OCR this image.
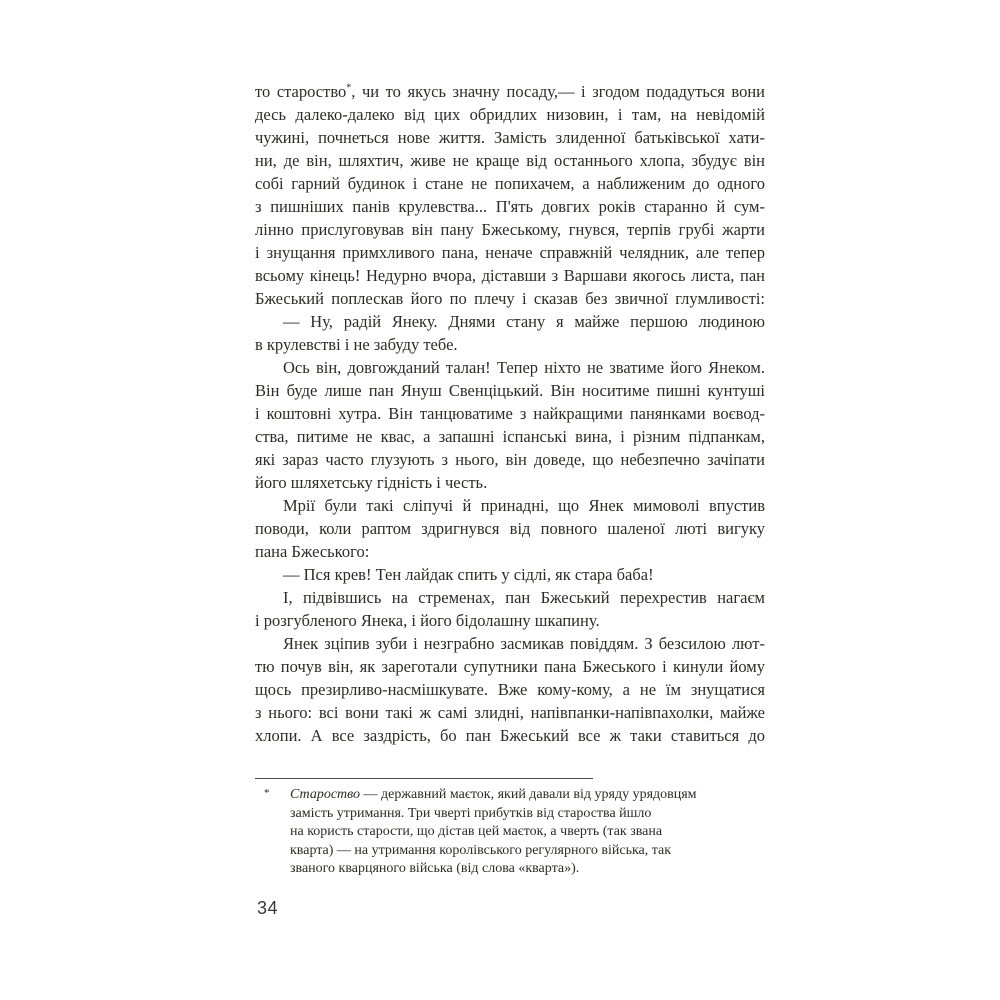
то староство*, чи то якусь значну посаду,— і згодом подадуться вони
десь далеко-далеко від цих обридлих низовин, і там, на невідомій
чужині, почнеться нове життя. Замість злиденної батьківської хати-
ни, де він, шляхтич, живе не краще від останнього хлопа, збудує він
собі гарний будинок і стане не попихачем, а наближеним до одного
з пишніших панів крулевства... П'ять довгих років старанно й сум-
лінно прислуговував він пану Бжеському, гнувся, терпів грубі жарти
і знущання примхливого пана, неначе справжній челядник, але тепер
всьому кінець! Недурно вчора, діставши з Варшави якогось листа, пан
Бжеський поплескав його по плечу і сказав без звичної глумливості:
— Ну, радій Янеку. Днями стану я майже першою людиною
в крулевстві і не забуду тебе.
Ось він, довгожданий талан! Тепер ніхто не зватиме його Янеком.
Він буде лише пан Януш Свенціцький. Він носитиме пишні кунтуші
і коштовні хутра. Він танцюватиме з найкращими панянками воєвод-
ства, питиме не квас, а запашні іспанські вина, і різним підпанкам,
які зараз часто глузують з нього, він доведе, що небезпечно зачіпати
його шляхетську гідність і честь.
Мрії були такі сліпучі й принадні, що Янек мимоволі впустив
поводи, коли раптом здригнувся від повного шаленої люті вигуку
пана Бжеського:
— Пся крев! Тен лайдак спить у сідлі, як стара баба!
І, підвівшись на стременах, пан Бжеський перехрестив нагаєм
і розгубленого Янека, і його бідолашну шкапину.
Янек зціпив зуби і незграбно засмикав повіддям. З безсилою лют-
тю почув він, як зареготали супутники пана Бжеського і кинули йому
щось презирливо-насмішкувате. Вже кому-кому, а не їм знущатися
з нього: всі вони такі ж самі злидні, напівпанки-напівпахолки, майже
хлопи. А все заздрість, бо пан Бжеський все ж таки ставиться до
* Староство — державний маєток, який давали від уряду урядовцям
замість утримання. Три чверті прибутків від староства йшло
на користь старости, що дістав цей маєток, а чверть (так звана
кварта) — на утримання королівського регулярного війська, так
званого кварцяного війська (від слова «кварта»).
34
